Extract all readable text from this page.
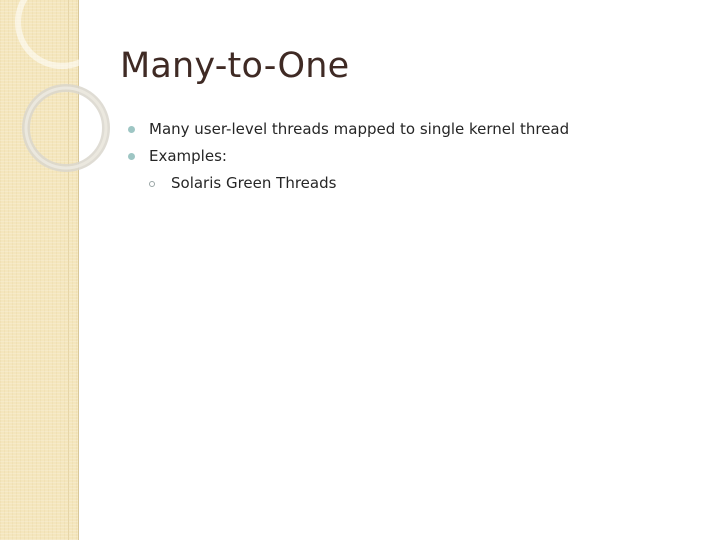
Many-to-One
Many user-level threads mapped to single kernel thread
Examples:
Solaris Green Threads
